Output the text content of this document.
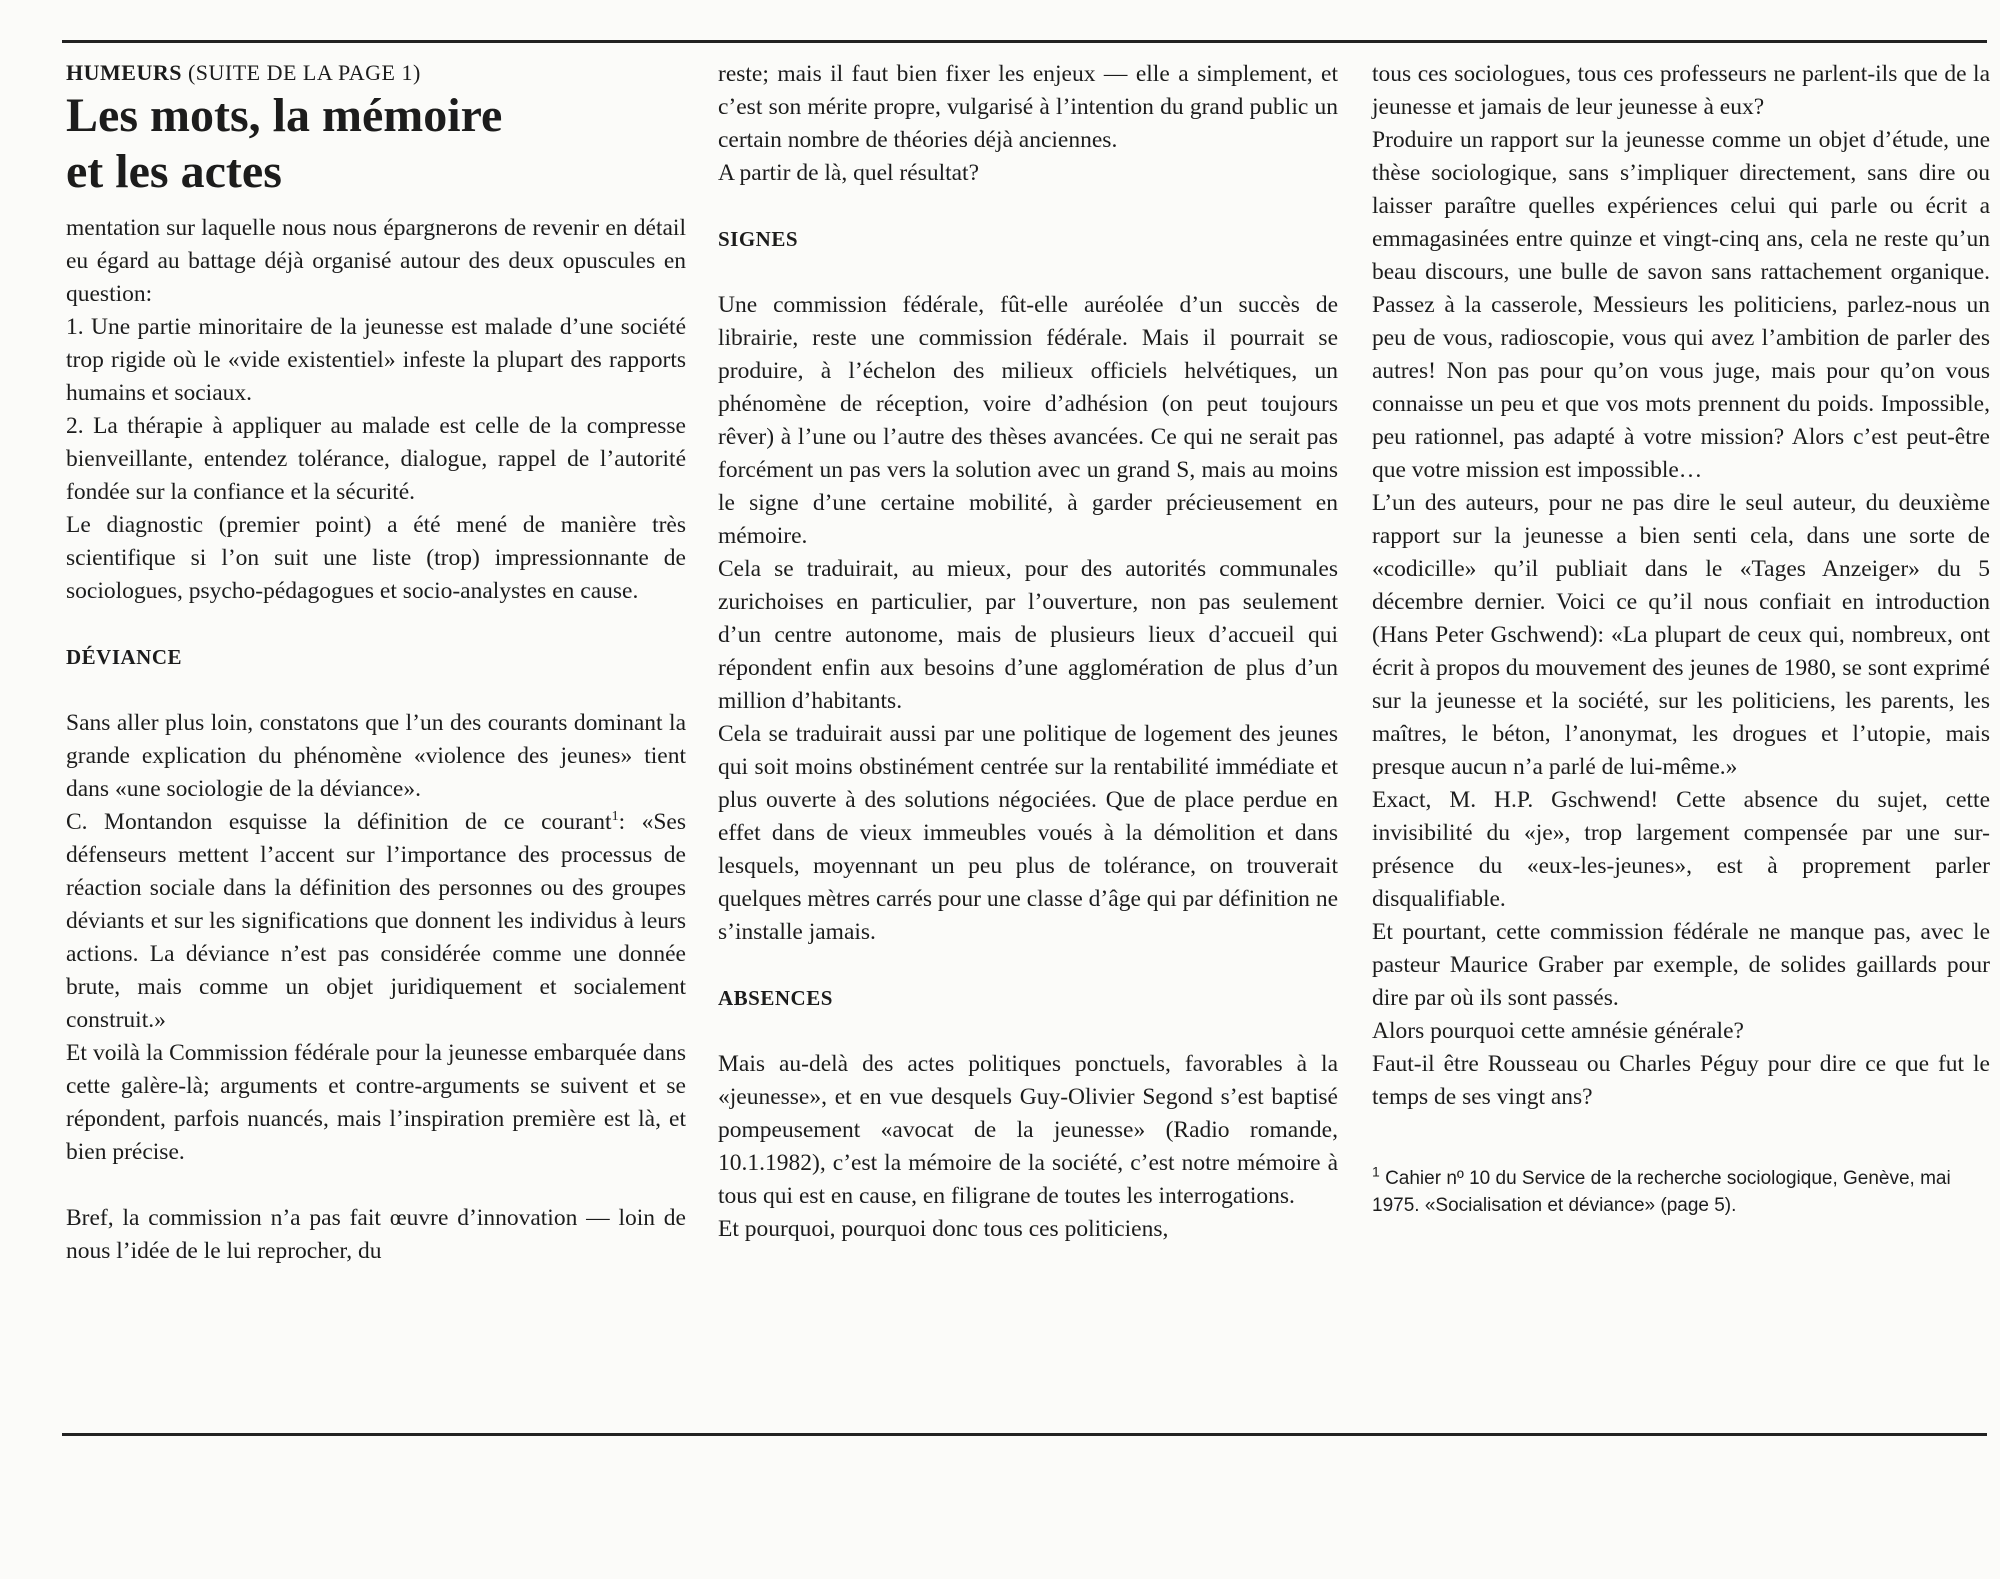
HUMEURS (SUITE DE LA PAGE 1)

Les mots, la mémoire
et les actes

mentation sur laquelle nous nous épargnerons de revenir en détail eu égard au battage déjà organisé autour des deux opuscules en question:

1. Une partie minoritaire de la jeunesse est malade d’une société trop rigide où le «vide existentiel» infeste la plupart des rapports humains et sociaux.

2. La thérapie à appliquer au malade est celle de la compresse bienveillante, entendez tolérance, dialogue, rappel de l’autorité fondée sur la confiance et la sécurité.

Le diagnostic (premier point) a été mené de manière très scientifique si l’on suit une liste (trop) impressionnante de sociologues, psycho-pédagogues et socio-analystes en cause.

DÉVIANCE

Sans aller plus loin, constatons que l’un des courants dominant la grande explication du phénomène «violence des jeunes» tient dans «une sociologie de la déviance».

C. Montandon esquisse la définition de ce courant$^1$: «Ses défenseurs mettent l’accent sur l’importance des processus de réaction sociale dans la définition des personnes ou des groupes déviants et sur les significations que donnent les individus à leurs actions. La déviance n’est pas considérée comme une donnée brute, mais comme un objet juridiquement et socialement construit.»

Et voilà la Commission fédérale pour la jeunesse embarquée dans cette galère-là; arguments et contre-arguments se suivent et se répondent, parfois nuancés, mais l’inspiration première est là, et bien précise.

Bref, la commission n’a pas fait œuvre d’innovation — loin de nous l’idée de le lui reprocher, du

reste; mais il faut bien fixer les enjeux — elle a simplement, et c’est son mérite propre, vulgarisé à l’intention du grand public un certain nombre de théories déjà anciennes.

A partir de là, quel résultat?

SIGNES

Une commission fédérale, fût-elle auréolée d’un succès de librairie, reste une commission fédérale. Mais il pourrait se produire, à l’échelon des milieux officiels helvétiques, un phénomène de réception, voire d’adhésion (on peut toujours rêver) à l’une ou l’autre des thèses avancées. Ce qui ne serait pas forcément un pas vers la solution avec un grand S, mais au moins le signe d’une certaine mobilité, à garder précieusement en mémoire.

Cela se traduirait, au mieux, pour des autorités communales zurichoises en particulier, par l’ouverture, non pas seulement d’un centre autonome, mais de plusieurs lieux d’accueil qui répondent enfin aux besoins d’une agglomération de plus d’un million d’habitants.

Cela se traduirait aussi par une politique de logement des jeunes qui soit moins obstinément centrée sur la rentabilité immédiate et plus ouverte à des solutions négociées. Que de place perdue en effet dans de vieux immeubles voués à la démolition et dans lesquels, moyennant un peu plus de tolérance, on trouverait quelques mètres carrés pour une classe d’âge qui par définition ne s’installe jamais.

ABSENCES

Mais au-delà des actes politiques ponctuels, favorables à la «jeunesse», et en vue desquels Guy-Olivier Segond s’est baptisé pompeusement «avocat de la jeunesse» (Radio romande, 10.1.1982), c’est la mémoire de la société, c’est notre mémoire à tous qui est en cause, en filigrane de toutes les interrogations.

Et pourquoi, pourquoi donc tous ces politiciens,

tous ces sociologues, tous ces professeurs ne parlent-ils que de la jeunesse et jamais de leur jeunesse à eux?

Produire un rapport sur la jeunesse comme un objet d’étude, une thèse sociologique, sans s’impliquer directement, sans dire ou laisser paraître quelles expériences celui qui parle ou écrit a emmagasinées entre quinze et vingt-cinq ans, cela ne reste qu’un beau discours, une bulle de savon sans rattachement organique. Passez à la casserole, Messieurs les politiciens, parlez-nous un peu de vous, radioscopie, vous qui avez l’ambition de parler des autres! Non pas pour qu’on vous juge, mais pour qu’on vous connaisse un peu et que vos mots prennent du poids. Impossible, peu rationnel, pas adapté à votre mission? Alors c’est peut-être que votre mission est impossible…

L’un des auteurs, pour ne pas dire le seul auteur, du deuxième rapport sur la jeunesse a bien senti cela, dans une sorte de «codicille» qu’il publiait dans le «Tages Anzeiger» du 5 décembre dernier. Voici ce qu’il nous confiait en introduction (Hans Peter Gschwend): «La plupart de ceux qui, nombreux, ont écrit à propos du mouvement des jeunes de 1980, se sont exprimé sur la jeunesse et la société, sur les politiciens, les parents, les maîtres, le béton, l’anonymat, les drogues et l’utopie, mais presque aucun n’a parlé de lui-même.»

Exact, M. H.P. Gschwend! Cette absence du sujet, cette invisibilité du «je», trop largement compensée par une sur-présence du «eux-les-jeunes», est à proprement parler disqualifiable.

Et pourtant, cette commission fédérale ne manque pas, avec le pasteur Maurice Graber par exemple, de solides gaillards pour dire par où ils sont passés.

Alors pourquoi cette amnésie générale?

Faut-il être Rousseau ou Charles Péguy pour dire ce que fut le temps de ses vingt ans?

$^1$ Cahier nº 10 du Service de la recherche sociologique, Genève, mai 1975. «Socialisation et déviance» (page 5).
